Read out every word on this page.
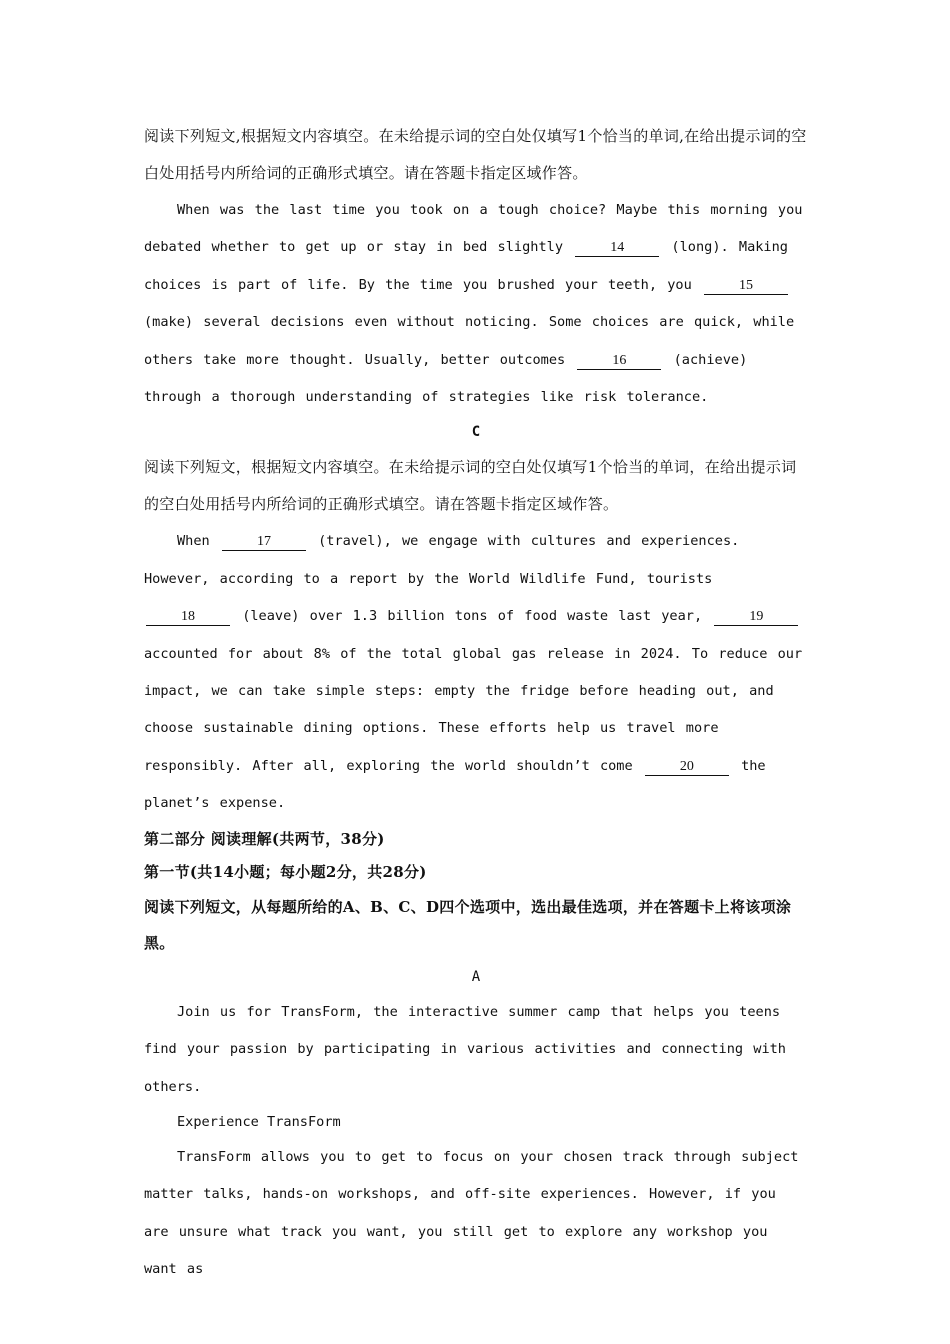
阅读下列短文,根据短文内容填空。在未给提示词的空白处仅填写1个恰当的单词,在给出提示词的空白处用括号内所给词的正确形式填空。请在答题卡指定区域作答。

When was the last time you took on a tough choice? Maybe this morning you debated whether to get up or stay in bed slightly	14	(long). Making choices is part of life. By the time you brushed your teeth, you	15 (make) several decisions even without noticing. Some choices are quick, while others take more thought. Usually, better outcomes	16	(achieve) through a thorough understanding of strategies like risk tolerance.

C

阅读下列短文，根据短文内容填空。在未给提示词的空白处仅填写1个恰当的单词，在给出提示词的空白处用括号内所给词的正确形式填空。请在答题卡指定区域作答。

When	17	(travel), we engage with cultures and experiences. However, according to a report by the World Wildlife Fund, tourists 18	(leave) over 1.3 billion tons of food waste last year,	19 accounted for about 8% of the total global gas release in 2024. To reduce our impact, we can take simple steps: empty the fridge before heading out, and choose sustainable dining options. These efforts help us travel more responsibly. After all, exploring the world shouldn’t come	20	the planet’s expense.

第二部分 阅读理解(共两节，38分)

第一节(共14小题；每小题2分，共28分)

阅读下列短文，从每题所给的A、B、C、D四个选项中，选出最佳选项，并在答题卡上将该项涂黑。

A

Join us for TransForm, the interactive summer camp that helps you teens find your passion by participating in various activities and connecting with others.

Experience TransForm

TransForm allows you to get to focus on your chosen track through subject matter talks, hands-on workshops, and off-site experiences. However, if you are unsure what track you want, you still get to explore any workshop you want as
